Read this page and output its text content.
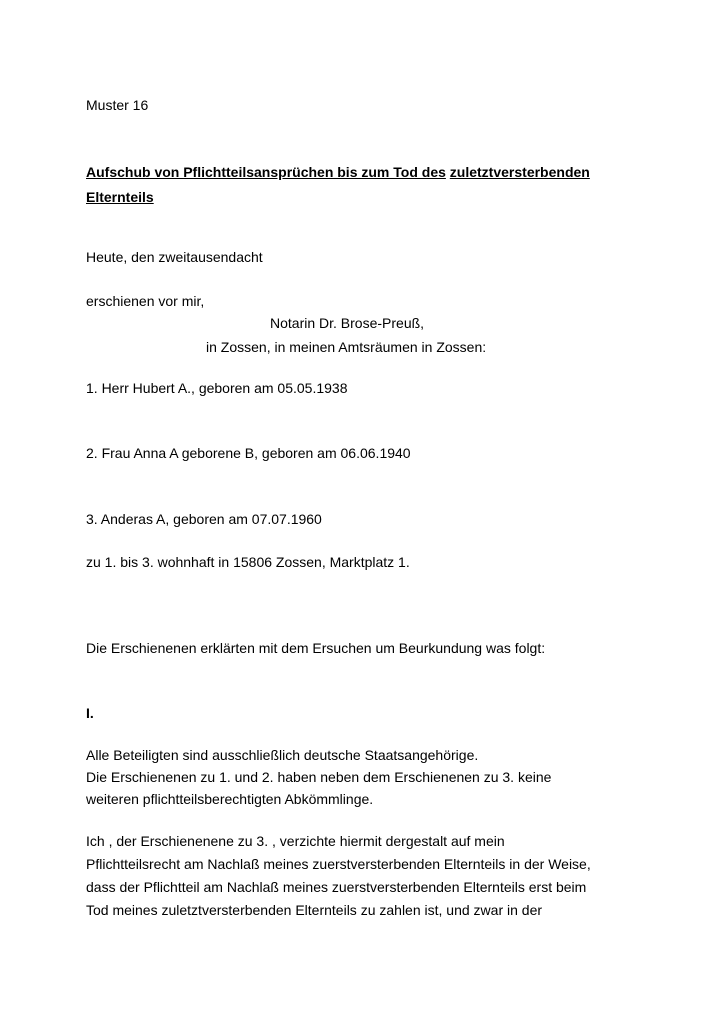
Muster 16
Aufschub von Pflichtteilsansprüchen bis zum Tod des zuletztversterbenden
Elternteils
Heute, den zweitausendacht
erschienen vor mir,
Notarin Dr. Brose-Preuß,
in Zossen, in meinen Amtsräumen in Zossen:
1. Herr Hubert A., geboren am 05.05.1938
2. Frau Anna A geborene B, geboren am 06.06.1940
3. Anderas A, geboren am 07.07.1960
zu 1. bis 3. wohnhaft in 15806 Zossen, Marktplatz 1.
Die Erschienenen erklärten mit dem Ersuchen um Beurkundung was folgt:
I.
Alle Beteiligten sind ausschließlich deutsche Staatsangehörige.
Die Erschienenen zu 1. und 2. haben neben dem Erschienenen zu 3. keine
weiteren pflichtteilsberechtigten Abkömmlinge.
Ich , der Erschienenene zu 3. , verzichte hiermit dergestalt auf mein
Pflichtteilsrecht am Nachlaß meines zuerstversterbenden Elternteils in der Weise,
dass der Pflichtteil am Nachlaß meines zuerstversterbenden Elternteils erst beim
Tod meines zuletztversterbenden Elternteils zu zahlen ist, und zwar in der
